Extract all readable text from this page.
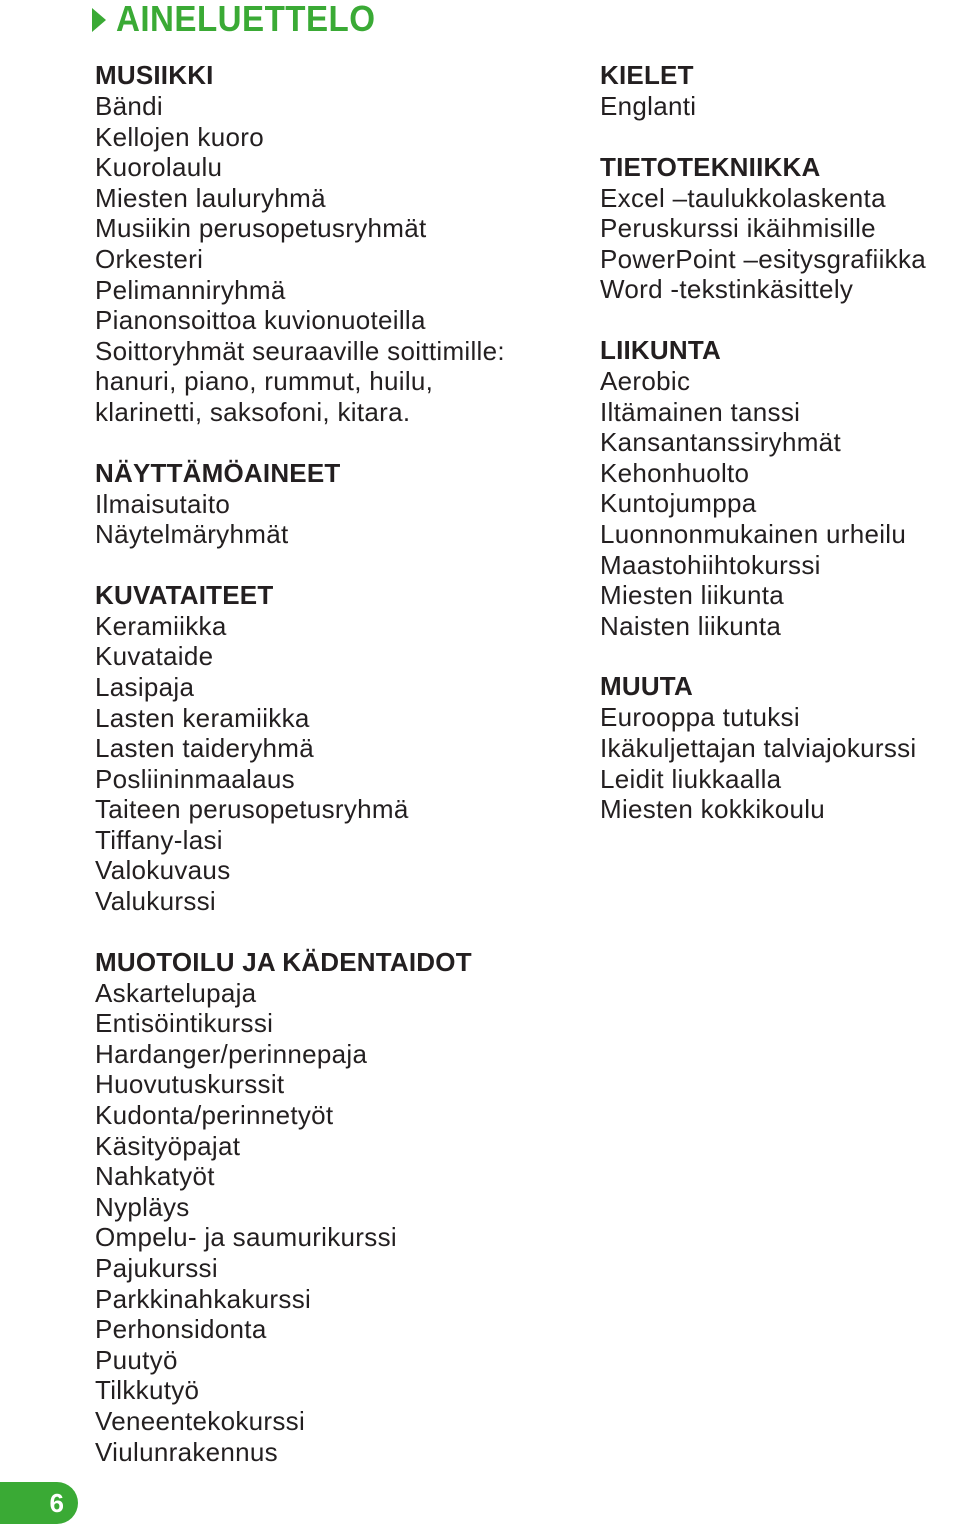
AINELUETTELO
MUSIIKKI
Bändi
Kellojen kuoro
Kuorolaulu
Miesten lauluryhmä
Musiikin perusopetusryhmät
Orkesteri
Pelimanniryhmä
Pianonsoittoa kuvionuoteilla
Soittoryhmät seuraaville soittimille:
hanuri, piano, rummut, huilu,
klarinetti, saksofoni, kitara.
NÄYTTÄMÖAINEET
Ilmaisutaito
Näytelmäryhmät
KUVATAITEET
Keramiikka
Kuvataide
Lasipaja
Lasten keramiikka
Lasten taideryhmä
Posliininmaalaus
Taiteen perusopetusryhmä
Tiffany-lasi
Valokuvaus
Valukurssi
MUOTOILU JA KÄDENTAIDOT
Askartelupaja
Entisöintikurssi
Hardanger/perinnepaja
Huovutuskurssit
Kudonta/perinnetyöt
Käsityöpajat
Nahkatyöt
Nypläys
Ompelu- ja saumurikurssi
Pajukurssi
Parkkinahkakurssi
Perhonsidonta
Puutyö
Tilkkutyö
Veneentekokurssi
Viulunrakennus
KIELET
Englanti
TIETOTEKNIIKKA
Excel –taulukkolaskenta
Peruskurssi ikäihmisille
PowerPoint –esitysgrafiikka
Word -tekstinkäsittely
LIIKUNTA
Aerobic
Iltämainen tanssi
Kansantanssiryhmät
Kehonhuolto
Kuntojumppa
Luonnonmukainen urheilu
Maastohiihtokurssi
Miesten liikunta
Naisten liikunta
MUUTA
Eurooppa tutuksi
Ikäkuljettajan talviajokurssi
Leidit liukkaalla
Miesten kokkikoulu
6
